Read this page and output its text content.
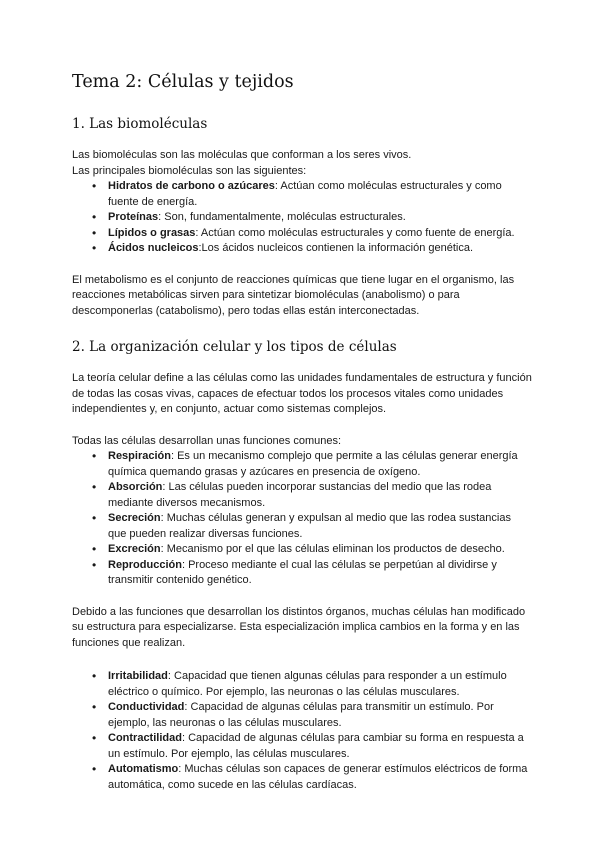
Tema 2: Células y tejidos
1. Las biomoléculas

Las biomoléculas son las moléculas que conforman a los seres vivos.

Las principales biomoléculas son las siguientes:

• Hidratos de carbono o azúcares: Actúan como moléculas estructurales y como fuente de energía.
• Proteínas: Son, fundamentalmente, moléculas estructurales.
• Lípidos o grasas: Actúan como moléculas estructurales y como fuente de energía.
• Ácidos nucleicos:Los ácidos nucleicos contienen la información genética.

El metabolismo es el conjunto de reacciones químicas que tiene lugar en el organismo, las reacciones metabólicas sirven para sintetizar biomoléculas (anabolismo) o para descomponerlas (catabolismo), pero todas ellas están interconectadas.

2. La organización celular y los tipos de células

La teoría celular define a las células como las unidades fundamentales de estructura y función de todas las cosas vivas, capaces de efectuar todos los procesos vitales como unidades independientes y, en conjunto, actuar como sistemas complejos.

Todas las células desarrollan unas funciones comunes:

• Respiración: Es un mecanismo complejo que permite a las células generar energía química quemando grasas y azúcares en presencia de oxígeno.
• Absorción: Las células pueden incorporar sustancias del medio que las rodea mediante diversos mecanismos.
• Secreción: Muchas células generan y expulsan al medio que las rodea sustancias que pueden realizar diversas funciones.
• Excreción: Mecanismo por el que las células eliminan los productos de desecho.
• Reproducción: Proceso mediante el cual las células se perpetúan al dividirse y transmitir contenido genético.

Debido a las funciones que desarrollan los distintos órganos, muchas células han modificado su estructura para especializarse. Esta especialización implica cambios en la forma y en las funciones que realizan.

• Irritabilidad: Capacidad que tienen algunas células para responder a un estímulo eléctrico o químico. Por ejemplo, las neuronas o las células musculares.
• Conductividad: Capacidad de algunas células para transmitir un estímulo. Por ejemplo, las neuronas o las células musculares.
• Contractilidad: Capacidad de algunas células para cambiar su forma en respuesta a un estímulo. Por ejemplo, las células musculares.
• Automatismo: Muchas células son capaces de generar estímulos eléctricos de forma automática, como sucede en las células cardíacas.
